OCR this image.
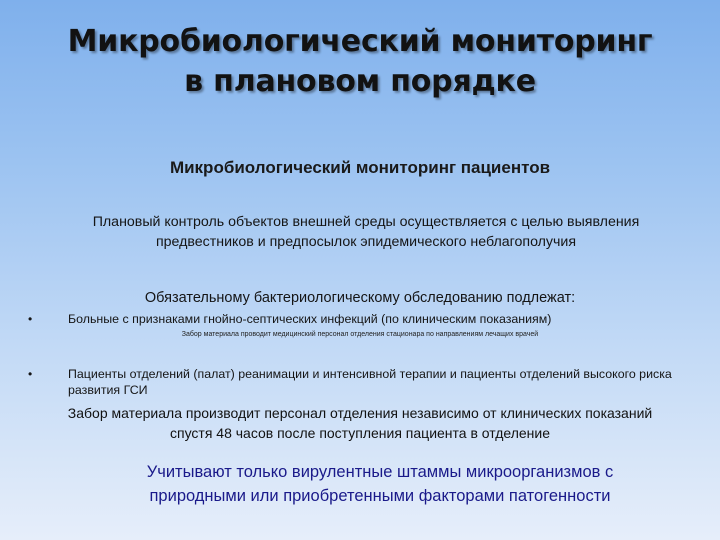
Микробиологический мониторинг
в плановом порядке
Микробиологический мониторинг пациентов
Плановый контроль объектов внешней среды осуществляется с целью выявления
предвестников и предпосылок эпидемического неблагополучия
Обязательному бактериологическому обследованию подлежат:
•	Больные с признаками гнойно-септических инфекций (по клиническим показаниям)
Забор материала проводит медицинский персонал отделения стационара по направлениям лечащих врачей
•	Пациенты отделений (палат) реанимации и интенсивной терапии и пациенты отделений высокого риска развития ГСИ
Забор материала производит персонал отделения независимо от клинических показаний
спустя 48 часов после поступления пациента в отделение
Учитывают только вирулентные штаммы микроорганизмов с
природными или приобретенными факторами патогенности
